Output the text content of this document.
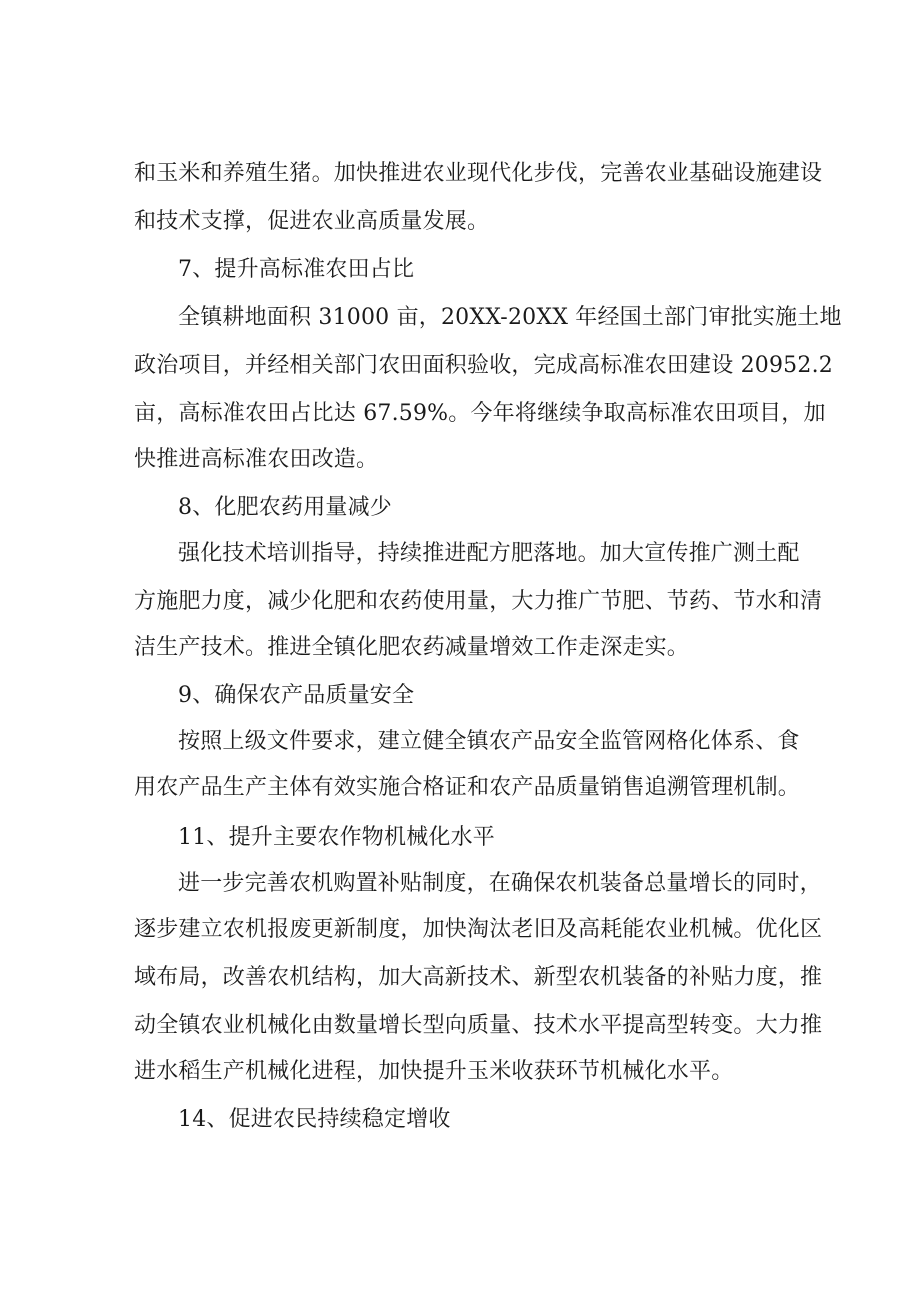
和玉米和养殖生猪。加快推进农业现代化步伐，完善农业基础设施建设
和技术支撑，促进农业高质量发展。
7、提升高标准农田占比
全镇耕地面积 31000 亩，20XX-20XX 年经国土部门审批实施土地
政治项目，并经相关部门农田面积验收，完成高标准农田建设 20952.2
亩，高标准农田占比达 67.59%。今年将继续争取高标准农田项目，加
快推进高标准农田改造。
8、化肥农药用量减少
强化技术培训指导，持续推进配方肥落地。加大宣传推广测土配
方施肥力度，减少化肥和农药使用量，大力推广节肥、节药、节水和清
洁生产技术。推进全镇化肥农药减量增效工作走深走实。
9、确保农产品质量安全
按照上级文件要求，建立健全镇农产品安全监管网格化体系、食
用农产品生产主体有效实施合格证和农产品质量销售追溯管理机制。
11、提升主要农作物机械化水平
进一步完善农机购置补贴制度，在确保农机装备总量增长的同时，
逐步建立农机报废更新制度，加快淘汰老旧及高耗能农业机械。优化区
域布局，改善农机结构，加大高新技术、新型农机装备的补贴力度，推
动全镇农业机械化由数量增长型向质量、技术水平提高型转变。大力推
进水稻生产机械化进程，加快提升玉米收获环节机械化水平。
14、促进农民持续稳定增收
